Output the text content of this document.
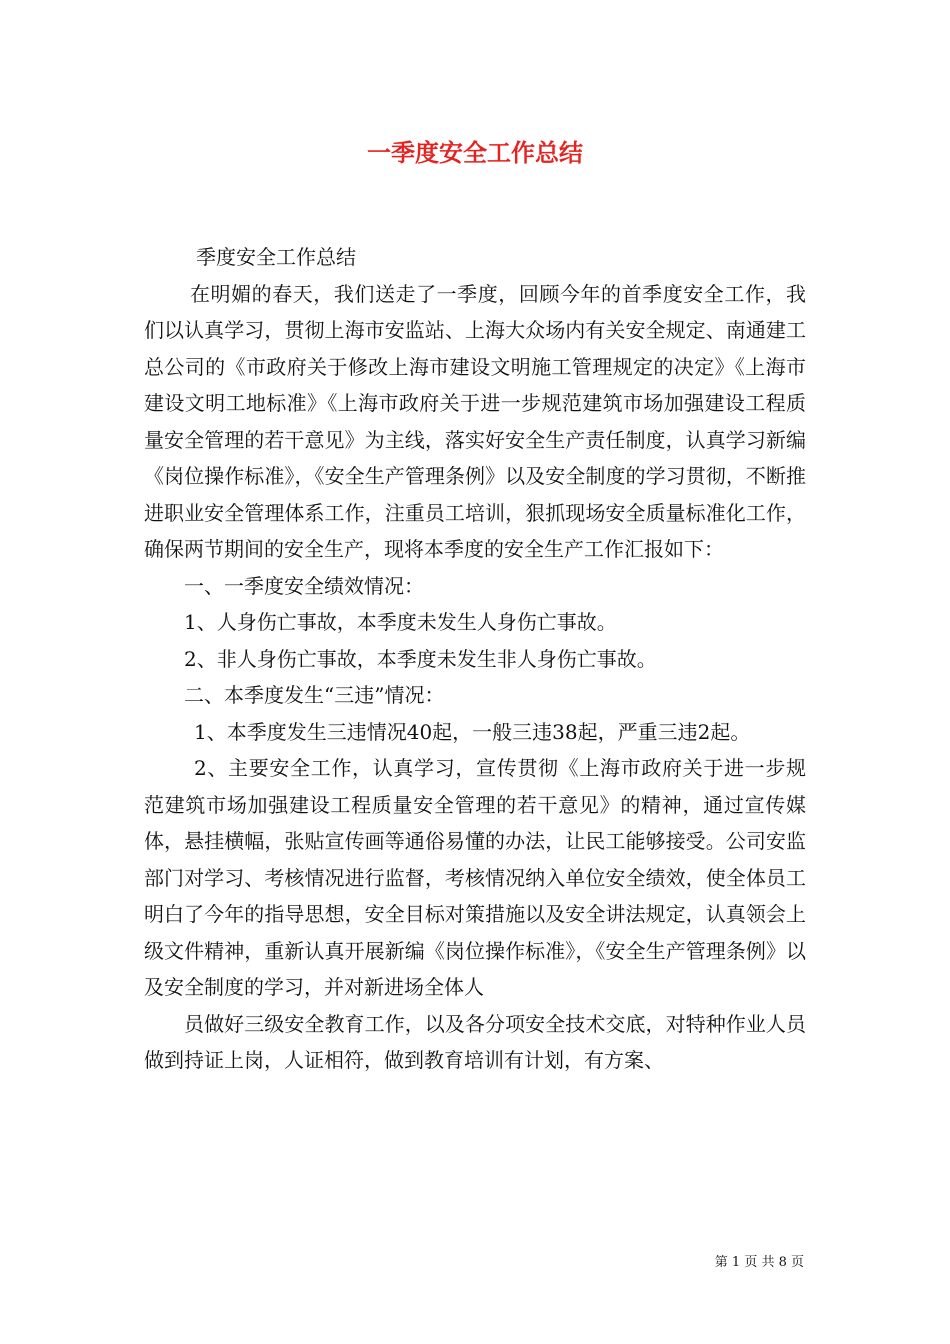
一季度安全工作总结

季度安全工作总结

在明媚的春天，我们送走了一季度，回顾今年的首季度安全工作，我们以认真学习，贯彻上海市安监站、上海大众场内有关安全规定、南通建工总公司的《市政府关于修改上海市建设文明施工管理规定的决定》《上海市建设文明工地标准》《上海市政府关于进一步规范建筑市场加强建设工程质量安全管理的若干意见》为主线，落实好安全生产责任制度，认真学习新编《岗位操作标准》，《安全生产管理条例》以及安全制度的学习贯彻，不断推进职业安全管理体系工作，注重员工培训，狠抓现场安全质量标准化工作，确保两节期间的安全生产，现将本季度的安全生产工作汇报如下：

一、一季度安全绩效情况：

1、人身伤亡事故，本季度未发生人身伤亡事故。

2、非人身伤亡事故，本季度未发生非人身伤亡事故。

二、本季度发生“三违”情况：

1、本季度发生三违情况40起，一般三违38起，严重三违2起。

2、主要安全工作，认真学习，宣传贯彻《上海市政府关于进一步规范建筑市场加强建设工程质量安全管理的若干意见》的精神，通过宣传媒体，悬挂横幅，张贴宣传画等通俗易懂的办法，让民工能够接受。公司安监部门对学习、考核情况进行监督，考核情况纳入单位安全绩效，使全体员工明白了今年的指导思想，安全目标对策措施以及安全讲法规定，认真领会上级文件精神，重新认真开展新编《岗位操作标准》，《安全生产管理条例》以及安全制度的学习，并对新进场全体人

员做好三级安全教育工作，以及各分项安全技术交底，对特种作业人员做到持证上岗，人证相符，做到教育培训有计划，有方案、

第 1 页 共 8 页
